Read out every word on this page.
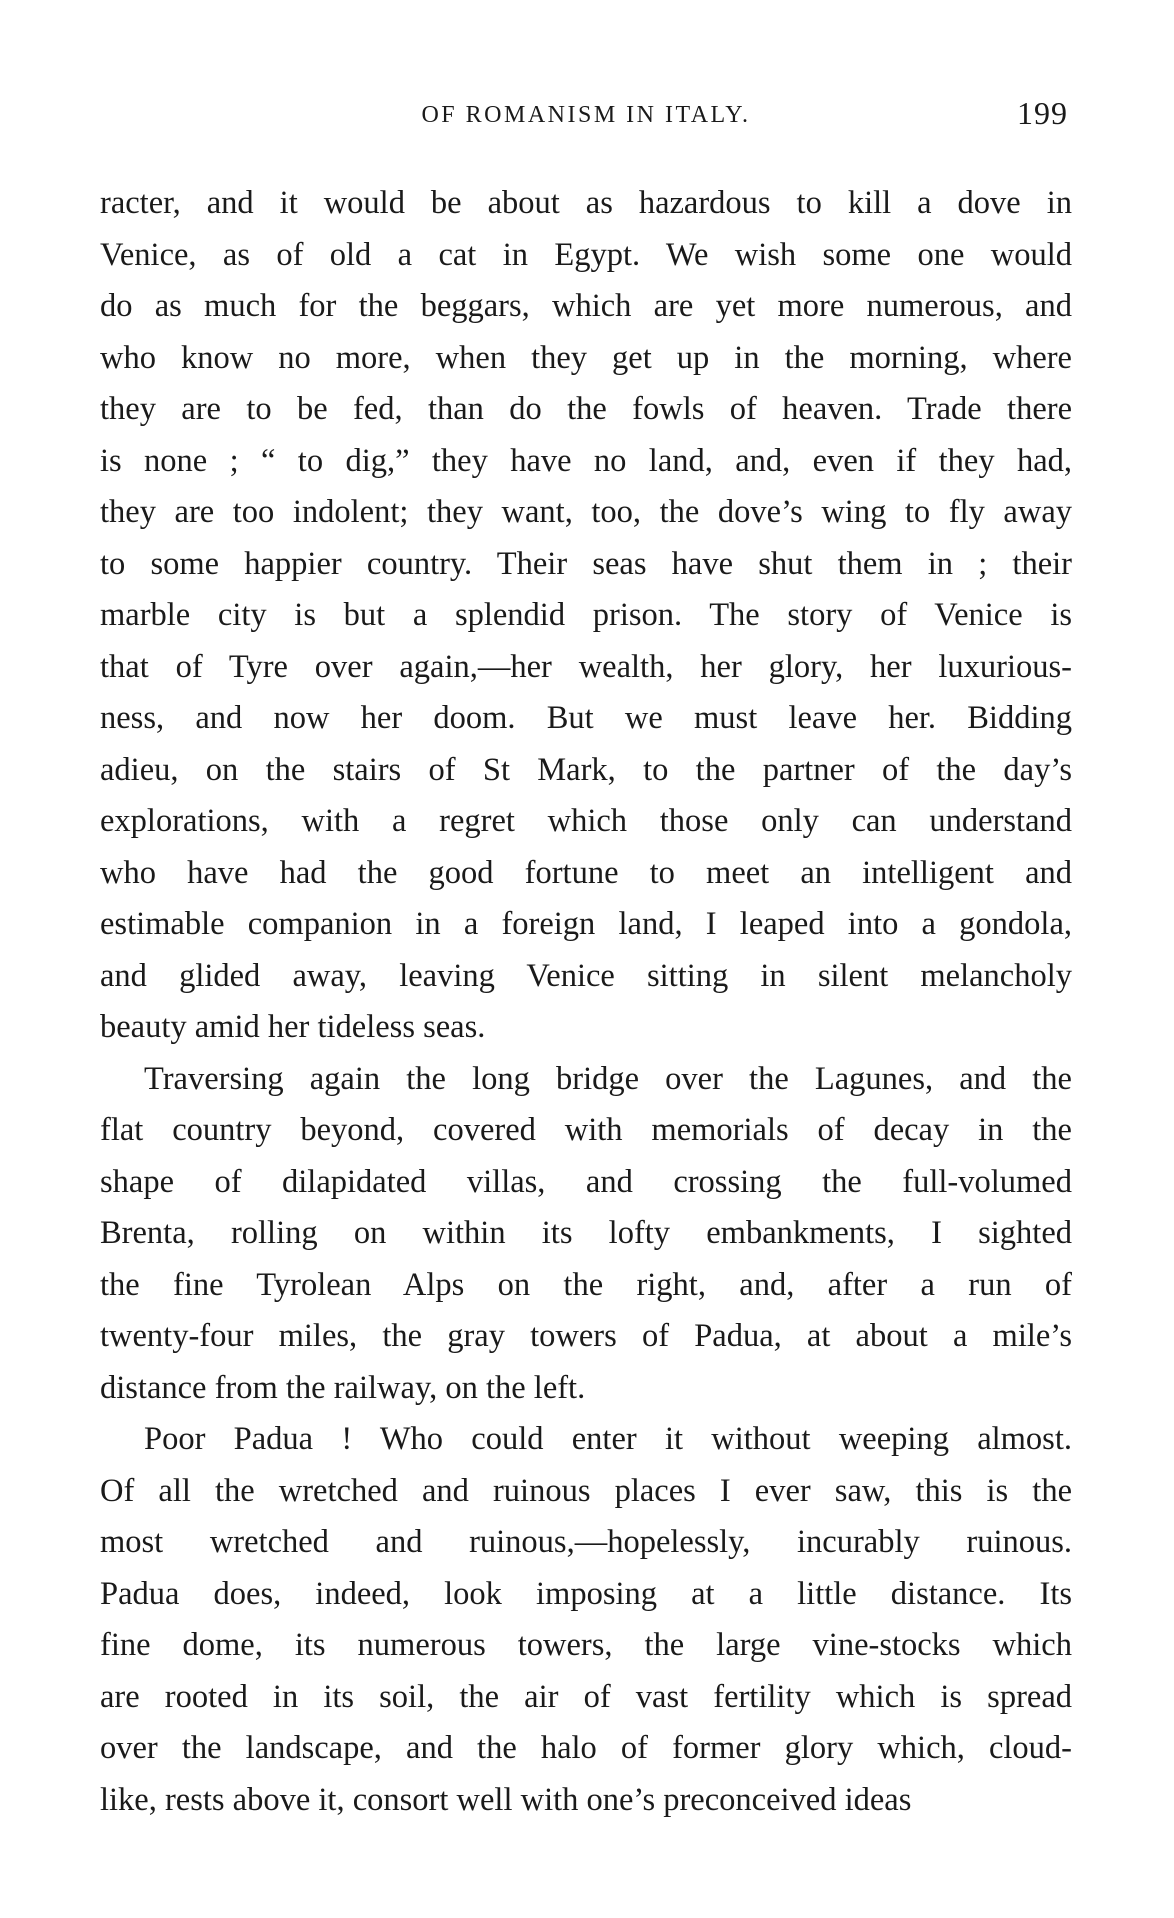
OF ROMANISM IN ITALY.	199
racter, and it would be about as hazardous to kill a dove in
Venice, as of old a cat in Egypt. We wish some one would
do as much for the beggars, which are yet more numerous, and
who know no more, when they get up in the morning, where
they are to be fed, than do the fowls of heaven. Trade there
is none ; “ to dig,” they have no land, and, even if they had,
they are too indolent; they want, too, the dove’s wing to fly away
to some happier country. Their seas have shut them in ; their
marble city is but a splendid prison. The story of Venice is
that of Tyre over again,—her wealth, her glory, her luxurious-
ness, and now her doom. But we must leave her. Bidding
adieu, on the stairs of St Mark, to the partner of the day’s
explorations, with a regret which those only can understand
who have had the good fortune to meet an intelligent and
estimable companion in a foreign land, I leaped into a gondola,
and glided away, leaving Venice sitting in silent melancholy
beauty amid her tideless seas.
Traversing again the long bridge over the Lagunes, and the
flat country beyond, covered with memorials of decay in the
shape of dilapidated villas, and crossing the full-volumed
Brenta, rolling on within its lofty embankments, I sighted
the fine Tyrolean Alps on the right, and, after a run of
twenty-four miles, the gray towers of Padua, at about a mile’s
distance from the railway, on the left.
Poor Padua ! Who could enter it without weeping almost.
Of all the wretched and ruinous places I ever saw, this is the
most wretched and ruinous,—hopelessly, incurably ruinous.
Padua does, indeed, look imposing at a little distance. Its
fine dome, its numerous towers, the large vine-stocks which
are rooted in its soil, the air of vast fertility which is spread
over the landscape, and the halo of former glory which, cloud-
like, rests above it, consort well with one’s preconceived ideas
